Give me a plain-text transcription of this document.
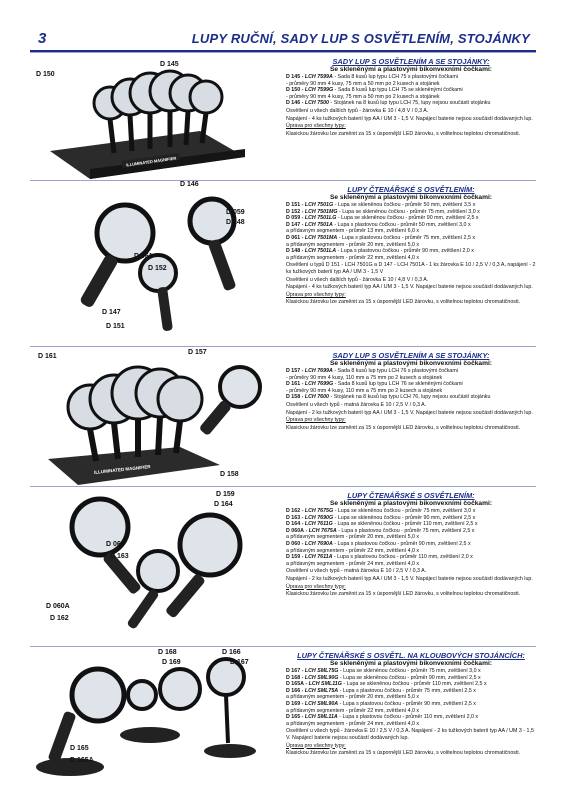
3	LUPY RUČNÍ, SADY LUP S OSVĚTLENÍM, STOJÁNKY
D 150
D 145
D 146
ILLUMINATED MAGNIFIER
SADY LUP S OSVĚTLENÍM A SE STOJÁNKY:
Se skleněnými a plastovými bikonvexními čočkami:
D 145 - LCH 7599A - Sada 8 kusů lup typu LCH 75 s plastovými čočkami
- průměry 90 mm 4 kusy, 75 mm a 50 mm po 2 kusech a stojánek
D 150 - LCH 7599G - Sada 8 kusů lup typu LCH 75 se skleněnými čočkami
- průměry 90 mm 4 kusy, 75 mm a 50 mm po 2 kusech a stojánek
D 146 - LCH 7500 - Stojánek na 8 kusů lup typu LCH 75, lupy nejsou součástí stojánku
Osvětlení u všech dalších typů - žárovka E 10 / 4,8 V / 0,3 A.
Napájení - 4 ks tužkových baterií typ AA / UM 3 - 1,5 V. Napájecí baterie nejsou součástí dodávaných lup.
Úprava pro všechny typy:
Klasickou žárovku lze zaměnit za 15 x úspornější LED žárovku, s volitelnou teplotou chromatičnosti.
D 059
D 148
D 061
D 152
D 147
D 151
LUPY ČTENÁŘSKÉ S OSVĚTLENÍM:
Se skleněnými a plastovými bikonvexními čočkami:
D 151 - LCH 7501G - Lupa se skleněnou čočkou - průměr 50 mm, zvětšení 3,5 x
D 152 - LCH 7501MG - Lupa se skleněnou čočkou - průměr 75 mm, zvětšení 3,0 x
D 059 - LCH 7501LG - Lupa se skleněnou čočkou - průměr 90 mm, zvětšení 2,5 x
D 147 - LCH 7501A - Lupa s plastovou čočkou - průměr 50 mm, zvětšení 3,0 x
a přídavným segmentem - průměr 13 mm, zvětšení 6,0 x
D 061 - LCH 7501MA - Lupa s plastovou čočkou - průměr 75 mm, zvětšení 2,5 x
a přídavným segmentem - průměr 20 mm, zvětšení 5,0 x
D 148 - LCH 7501LA - Lupa s plastovou čočkou - průměr 90 mm, zvětšení 2,0 x
a přídavným segmentem - průměr 22 mm, zvětšení 4,0 x
Osvětlení u typů D 151 - LCH 7501G a D 147 - LCH 7501A - 1 ks žárovka E 10 / 2,5 V / 0,3 A, napájení - 2 ks tužkových baterií typ AA / UM 3 - 1,5 V
Osvětlení u všech dalších typů - žárovka E 10 / 4,8 V / 0,3 A.
Napájení - 4 ks tužkových baterií typ AA / UM 3 - 1,5 V. Napájecí baterie nejsou součástí dodávaných lup.
Úprava pro všechny typy:
Klasickou žárovku lze zaměnit za 15 x úspornější LED žárovku, s volitelnou teplotou chromatičnosti.
D 161
D 157
D 158
ILLUMINATED MAGNIFIER
SADY LUP S OSVĚTLENÍM A SE STOJÁNKY:
Se skleněnými a plastovými bikonvexními čočkami:
D 157 - LCH 7699A - Sada 8 kusů lup typu LCH 76 s plastovými čočkami
- průměry 90 mm 4 kusy, 110 mm a 75 mm po 2 kusech a stojánek
D 161 - LCH 7699G - Sada 8 kusů lup typu LCH 76 se skleněnými čočkami
- průměry 90 mm 4 kusy, 110 mm a 75 mm po 2 kusech a stojánek
D 158 - LCH 7600 - Stojánek na 8 kusů lup typu LCH 76, lupy nejsou součástí stojánku
Osvětlení u všech typů - matná žárovka E 10 / 2,5 V / 0,3 A.
Napájení - 2 ks tužkových baterií typ AA / UM 3 - 1,5 V. Napájecí baterie nejsou součástí dodávaných lup.
Úprava pro všechny typy:
Klasickou žárovku lze zaměnit za 15 x úspornější LED žárovku, s volitelnou teplotou chromatičnosti.
D 159
D 164
D 060
D 163
D 060A
D 162
LUPY ČTENÁŘSKÉ S OSVĚTLENÍM:
Se skleněnými a plastovými bikonvexními čočkami:
D 162 - LCH 7675G - Lupa se skleněnou čočkou - průměr 75 mm, zvětšení 3,0 x
D 163 - LCH 7690G - Lupa se skleněnou čočkou - průměr 90 mm, zvětšení 2,5 x
D 164 - LCH 7611G - Lupa se skleněnou čočkou - průměr 110 mm, zvětšení 2,5 x
D 060A - LCH 7675A - Lupa s plastovou čočkou - průměr 75 mm, zvětšení 2,5 x
a přídavným segmentem - průměr 20 mm, zvětšení 5,0 x
D 060 - LCH 7690A - Lupa s plastovou čočkou - průměr 90 mm, zvětšení 2,5 x
a přídavným segmentem - průměr 22 mm, zvětšení 4,0 x
D 159 - LCH 7611A - Lupa s plastovou čočkou - průměr 110 mm, zvětšení 2,0 x
a přídavným segmentem - průměr 24 mm, zvětšení 4,0 x
Osvětlení u všech typů - matná žárovka E 10 / 2,5 V / 0,3 A.
Napájení - 2 ks tužkových baterií typ AA / UM 3 - 1,5 V. Napájecí baterie nejsou součástí dodávaných lup.
Úprava pro všechny typy:
Klasickou žárovku lze zaměnit za 15 x úspornější LED žárovku, s volitelnou teplotou chromatičnosti.
D 168
D 169
D 166
D 167
D 165
D 165A
LUPY ČTENÁŘSKÉ S OSVĚTL. NA KLOUBOVÝCH STOJÁNCÍCH:
Se skleněnými a plastovými bikonvexními čočkami:
D 167 - LCH SML75G - Lupa se skleněnou čočkou - průměr 75 mm, zvětšení 3,0 x
D 168 - LCH SML90G - Lupa se skleněnou čočkou - průměr 90 mm, zvětšení 2,5 x
D 165A - LCH SML11G - Lupa se skleněnou čočkou - průměr 110 mm, zvětšení 2,5 x
D 166 - LCH SML75A - Lupa s plastovou čočkou - průměr 75 mm, zvětšení 2,5 x
a přídavným segmentem - průměr 20 mm, zvětšení 5,0 x
D 169 - LCH SML90A - Lupa s plastovou čočkou - průměr 90 mm, zvětšení 2,5 x
a přídavným segmentem - průměr 22 mm, zvětšení 4,0 x
D 165 - LCH SML11A - Lupa s plastovou čočkou - průměr 110 mm, zvětšení 2,0 x
a přídavným segmentem - průměr 24 mm, zvětšení 4,0 x
Osvětlení u všech typů - žárovka E 10 / 2,5 V / 0,3 A. Napájení - 2 ks tužkových baterií typ AA / UM 3 - 1,5 V. Napájecí baterie nejsou součástí dodávaných lup.
Úprava pro všechny typy:
Klasickou žárovku lze zaměnit za 15 x úspornější LED žárovku, s volitelnou teplotou chromatičnosti.
